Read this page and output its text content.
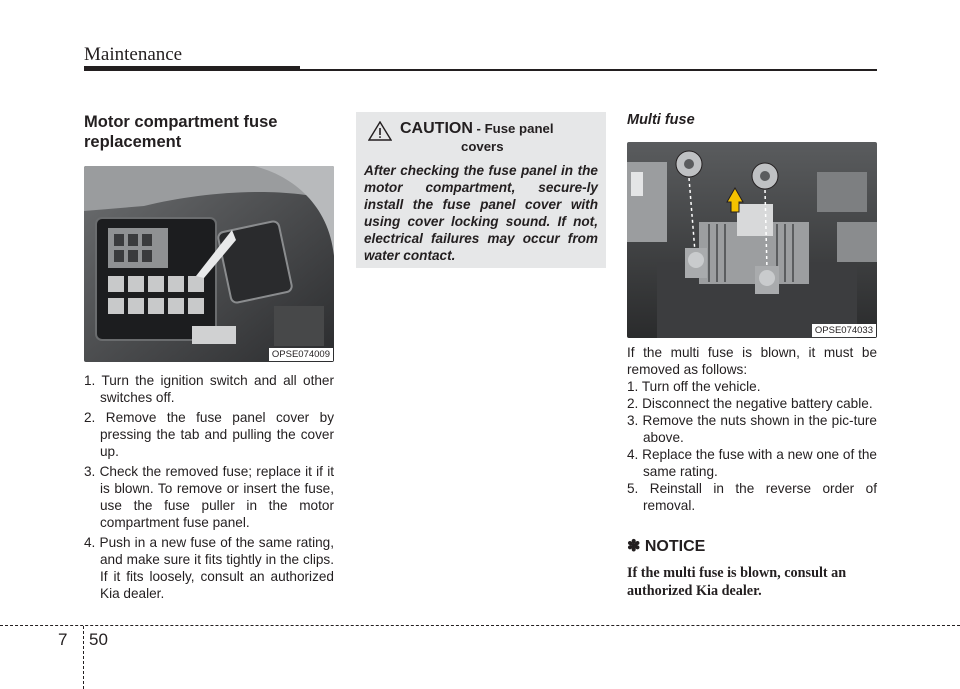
Maintenance
Motor compartment fuse replacement
OPSE074009
1. Turn the ignition switch and all other switches off.
2. Remove the fuse panel cover by pressing the tab and pulling the cover up.
3. Check the removed fuse; replace it if it is blown. To remove or insert the fuse, use the fuse puller in the motor compartment fuse panel.
4. Push in a new fuse of the same rating, and make sure it fits tightly in the clips. If it fits loosely, consult an authorized Kia dealer.
CAUTION - Fuse panel
covers
After checking the fuse panel in the motor compartment, secure-ly install the fuse panel cover with using cover locking sound. If not, electrical failures may occur from water contact.
Multi fuse
OPSE074033
If the multi fuse is blown, it must be removed as follows:
1. Turn off the vehicle.
2. Disconnect the negative battery cable.
3. Remove the nuts shown in the pic-ture above.
4. Replace the fuse with a new one of the same rating.
5. Reinstall in the reverse order of removal.
✽ NOTICE
If the multi fuse is blown, consult an authorized Kia dealer.
7 50
